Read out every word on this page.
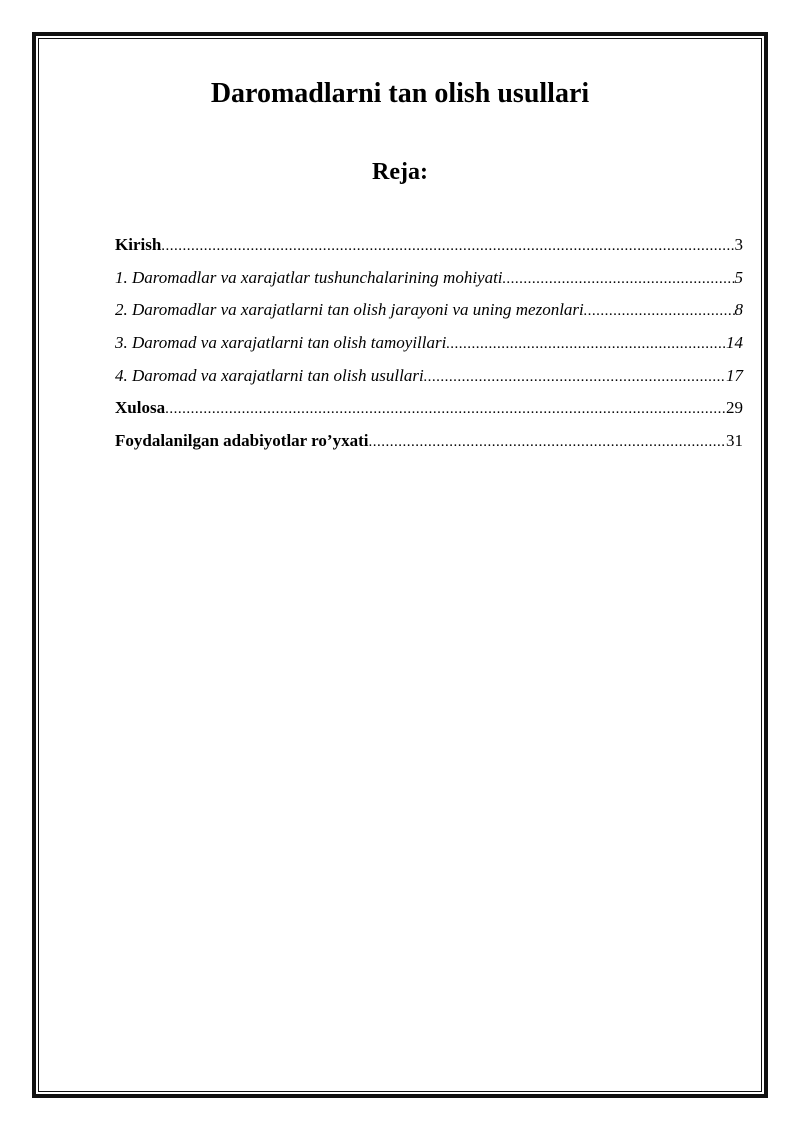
Daromadlarni tan olish usullari
Reja:
Kirish .....	3
1. Daromadlar va xarajatlar tushunchalarining mohiyati .....	5
2. Daromadlar va xarajatlarni tan olish jarayoni va uning mezonlari .....	8
3. Daromad va xarajatlarni tan olish tamoyillari .....	14
4. Daromad va xarajatlarni tan olish usullari .....	17
Xulosa .....	29
Foydalanilgan adabiyotlar ro’yxati .....	31
